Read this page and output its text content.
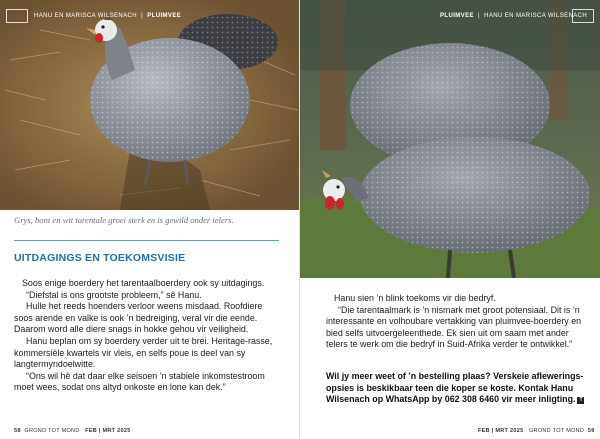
HANU EN MARISCA WILSENACH  |  PLUIMVEE
Grys, bont en wit tarentale groei sterk en is gewild onder telers.
UITDAGINGS EN TOEKOMSVISIE

Soos enige boerdery het tarentaalboerdery ook sy uitdagings.

“Diefstal is ons grootste probleem,” sê Hanu.

Hulle het reeds hoenders verloor weens misdaad. Roofdiere soos arende en valke is ook ’n bedreiging, veral vir die eende. Daarom word alle diere snags in hokke gehou vir veiligheid.

Hanu beplan om sy boerdery verder uit te brei. Heritage-rasse, kommersiële kwartels vir vleis, en selfs poue is deel van sy langtermyndoelwitte.

“Ons wil hê dat daar elke seisoen ’n stabiele inkomstestroom moet wees, sodat ons altyd onkoste en lone kan dek.”

58 GROND TOT MOND FEB | MRT 2025
PLUIMVEE  |  HANU EN MARISCA WILSENACH

Hanu sien ’n blink toekoms vir die bedryf.

“Die tarentaalmark is ’n nismark met groot potensiaal. Dit is ’n interessante en volhoubare vertakking van pluimvee-boerdery en bied selfs uitvoergeleenthede. Ek sien uit om saam met ander telers te werk om die bedryf in Suid-Afrika verder te ontwikkel.”

Wil jy meer weet of ’n bestelling plaas? Verskeie aflewerings-opsies is beskikbaar teen die koper se koste. Kontak Hanu Wilsenach op WhatsApp by 062 308 6460 vir meer inligting. T
FEB | MRT 2025 GROND TOT MOND 59
